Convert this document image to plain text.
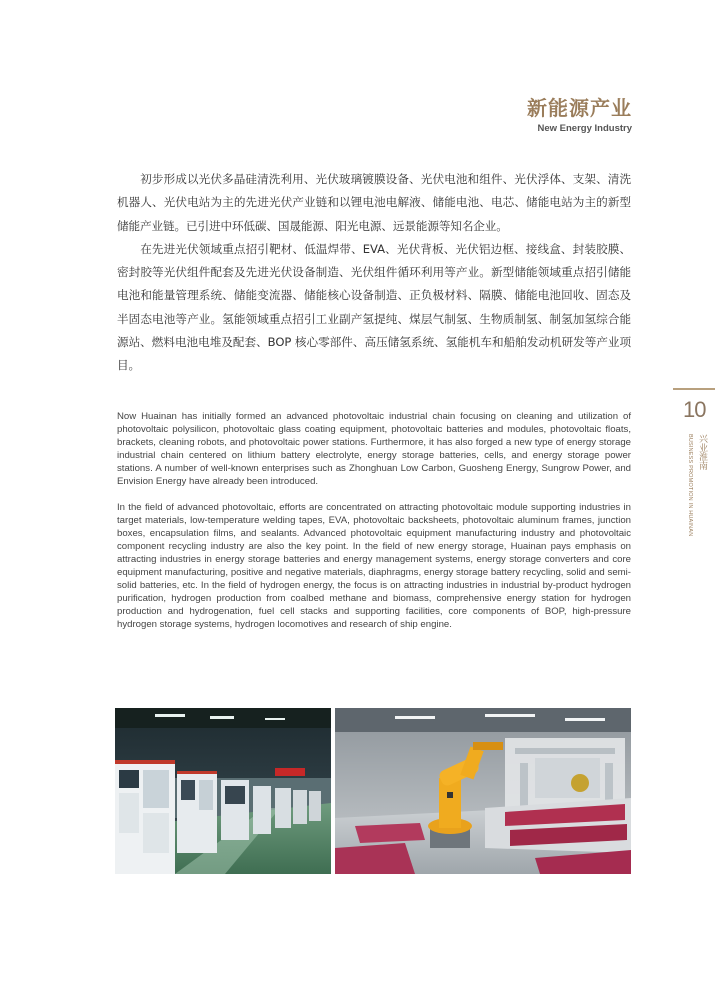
新能源产业
New Energy Industry

初步形成以光伏多晶硅清洗利用、光伏玻璃镀膜设备、光伏电池和组件、光伏浮体、支架、清洗机器人、光伏电站为主的先进光伏产业链和以锂电池电解液、储能电池、电芯、储能电站为主的新型储能产业链。已引进中环低碳、国晟能源、阳光电源、远景能源等知名企业。

在先进光伏领域重点招引靶材、低温焊带、EVA、光伏背板、光伏铝边框、接线盒、封装胶膜、密封胶等光伏组件配套及先进光伏设备制造、光伏组件循环利用等产业。新型储能领域重点招引储能电池和能量管理系统、储能变流器、储能核心设备制造、正负极材料、隔膜、储能电池回收、固态及半固态电池等产业。氢能领域重点招引工业副产氢提纯、煤层气制氢、生物质制氢、制氢加氢综合能源站、燃料电池电堆及配套、BOP 核心零部件、高压储氢系统、氢能机车和船舶发动机研发等产业项目。

Now Huainan has initially formed an advanced photovoltaic industrial chain focusing on cleaning and utilization of photovoltaic polysilicon, photovoltaic glass coating equipment, photovoltaic batteries and modules, photovoltaic floats, brackets, cleaning robots, and photovoltaic power stations. Furthermore, it has also forged a new type of energy storage industrial chain centered on lithium battery electrolyte, energy storage batteries, cells, and energy storage power stations. A number of well-known enterprises such as Zhonghuan Low Carbon, Guosheng Energy, Sungrow Power, and Envision Energy have already been introduced.

In the field of advanced photovoltaic, efforts are concentrated on attracting photovoltaic module supporting industries in target materials, low-temperature welding tapes, EVA, photovoltaic backsheets, photovoltaic aluminum frames, junction boxes, encapsulation films, and sealants. Advanced photovoltaic equipment manufacturing industry and photovoltaic component recycling industry are also the key point. In the field of new energy storage, Huainan pays emphasis on attracting industries in energy storage batteries and energy management systems, energy storage converters and core equipment manufacturing, positive and negative materials, diaphragms, energy storage battery recycling, solid and semi-solid batteries, etc. In the field of hydrogen energy, the focus is on attracting industries in industrial by-product hydrogen purification, hydrogen production from coalbed methane and biomass, comprehensive energy station for hydrogen production and hydrogenation, fuel cell stacks and supporting facilities, core components of BOP, high-pressure hydrogen storage systems, hydrogen locomotives and research of ship engine.

10
兴业淮南
BUSINESS PROMOTION IN HUAINAN
